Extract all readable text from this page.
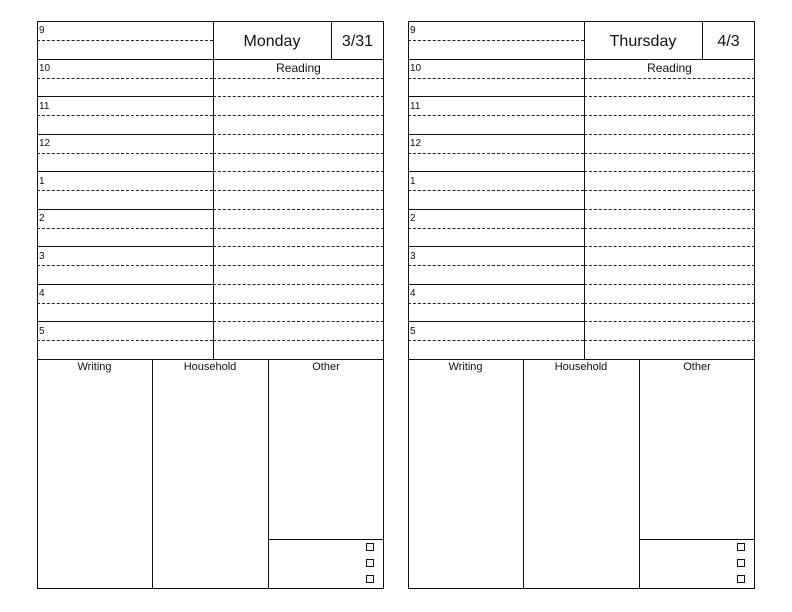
Monday	3/31
Reading
9
10
11
12
1
2
3
4
5
Writing	Household	Other
Thursday	4/3
Reading
9
10
11
12
1
2
3
4
5
Writing	Household	Other
